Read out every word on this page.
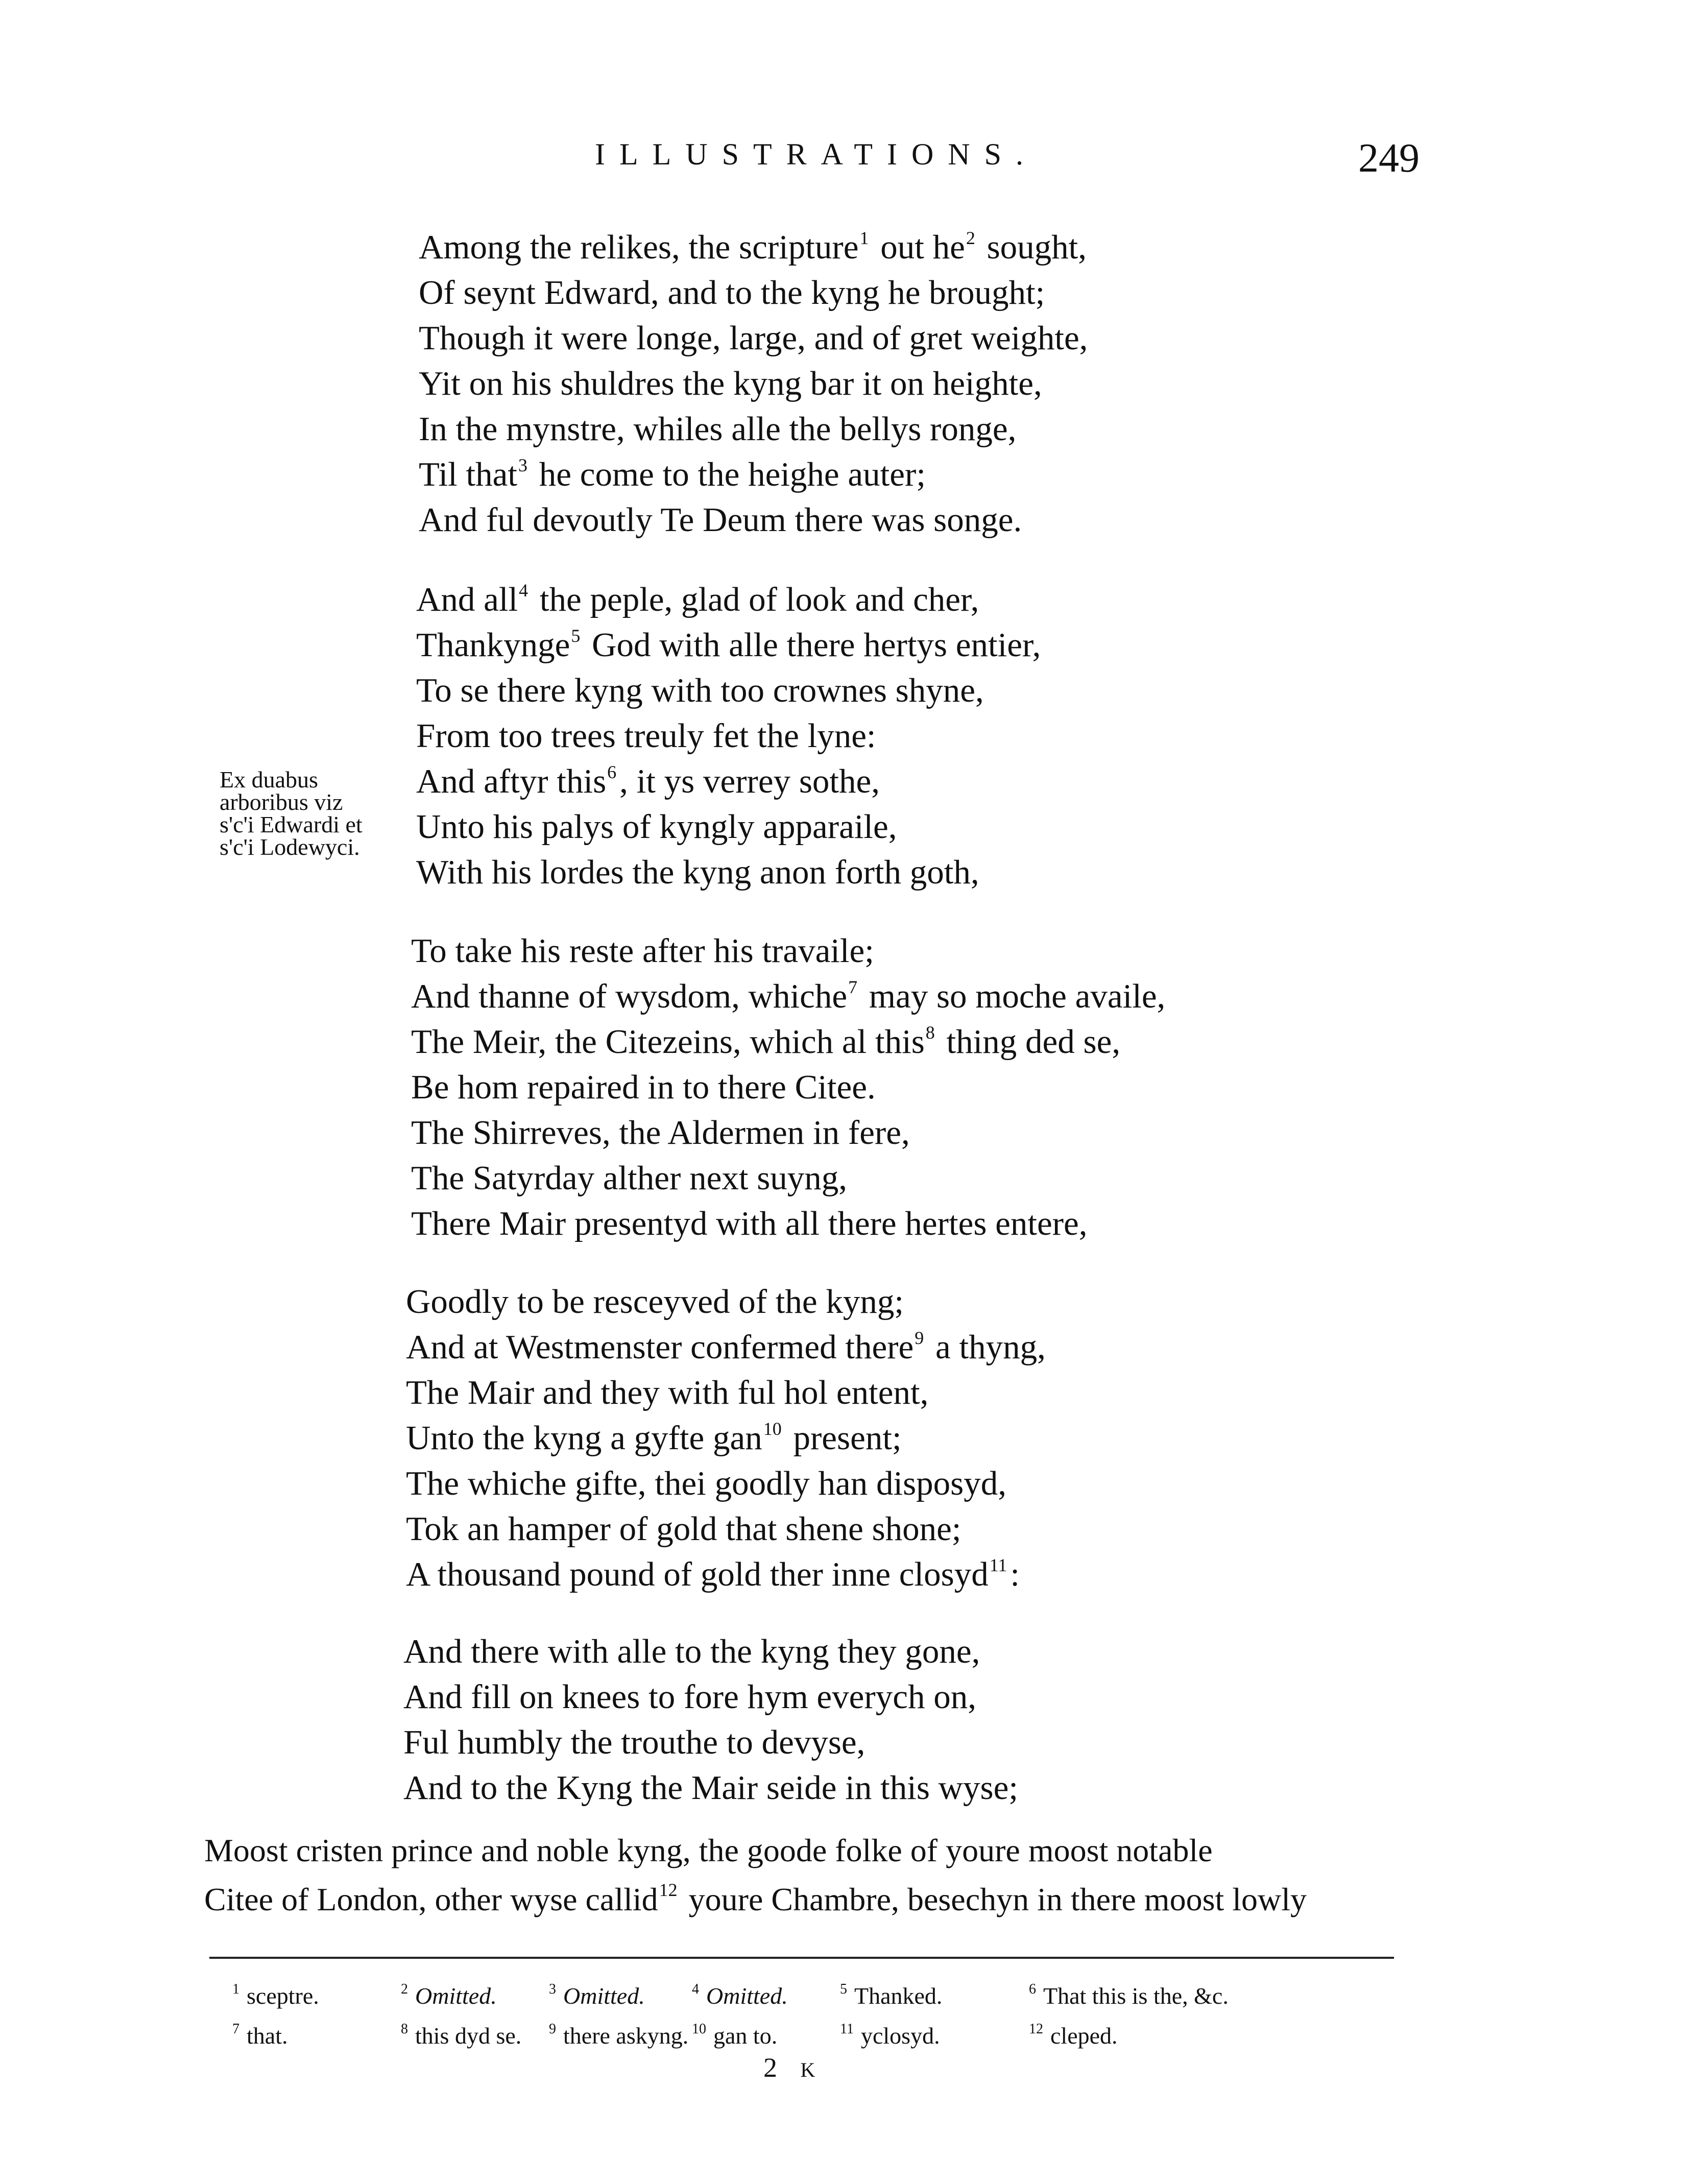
ILLUSTRATIONS.	249
Among the relikes, the scripture$^1$ out he$^2$ sought,
Of seynt Edward, and to the kyng he brought;
Though it were longe, large, and of gret weighte,
Yit on his shuldres the kyng bar it on heighte,
In the mynstre, whiles alle the bellys ronge,
Til that$^3$ he come to the heighe auter;
And ful devoutly Te Deum there was songe.
And all$^4$ the peple, glad of look and cher,
Thankynge$^5$ God with alle there hertys entier,
To se there kyng with too crownes shyne,
From too trees treuly fet the lyne:
And aftyr this$^6$, it ys verrey sothe,
Unto his palys of kyngly apparaile,
With his lordes the kyng anon forth goth,
To take his reste after his travaile;
And thanne of wysdom, whiche$^7$ may so moche availe,
The Meir, the Citezeins, which al this$^8$ thing ded se,
Be hom repaired in to there Citee.
The Shirreves, the Aldermen in fere,
The Satyrday alther next suyng,
There Mair presentyd with all there hertes entere,
Goodly to be resceyved of the kyng;
And at Westmenster confermed there$^9$ a thyng,
The Mair and they with ful hol entent,
Unto the kyng a gyfte gan$^{10}$ present;
The whiche gifte, thei goodly han disposyd,
Tok an hamper of gold that shene shone;
A thousand pound of gold ther inne closyd$^{11}$:
And there with alle to the kyng they gone,
And fill on knees to fore hym everych on,
Ful humbly the trouthe to devyse,
And to the Kyng the Mair seide in this wyse;
Ex duabus
arboribus viz
s'c'i Edwardi et
s'c'i Lodewyci.
Moost cristen prince and noble kyng, the goode folke of youre moost notable
Citee of London, other wyse callid$^{12}$ youre Chambre, besechyn in there moost lowly
$^1$ sceptre.	$^2$ Omitted.	$^3$ Omitted.	$^4$ Omitted.	$^5$ Thanked.	$^6$ That this is the, &c.
$^7$ that.	$^8$ this dyd se. $^9$ there askyng. $^{10}$ gan to.	$^{11}$ yclosyd.	$^{12}$ cleped.
2 K
